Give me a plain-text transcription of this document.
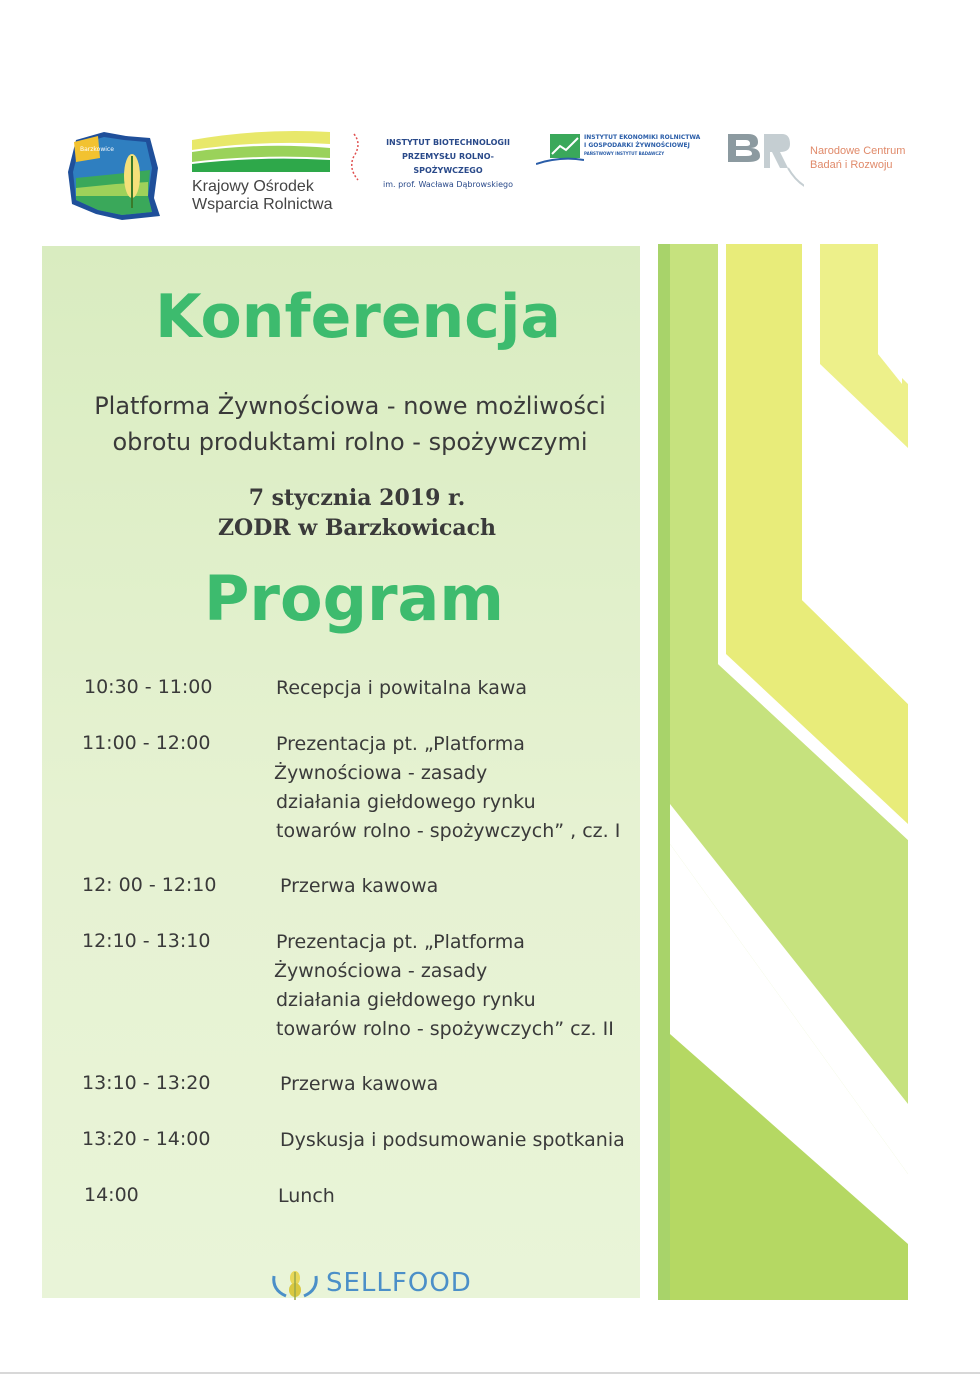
Barzkowice
Krajowy Ośrodek
Wsparcia Rolnictwa
INSTYTUT BIOTECHNOLOGII
PRZEMYSŁU ROLNO-SPOŻYWCZEGO
im. prof. Wacława Dąbrowskiego
INSTYTUT EKONOMIKI ROLNICTWA
I GOSPODARKI ŻYWNOŚCIOWEJ
PAŃSTWOWY INSTYTUT BADAWCZY	Narodowe Centrum
Badań i Rozwoju
Konferencja
Platforma Żywnościowa - nowe możliwości
obrotu produktami rolno - spożywczymi
7 stycznia 2019 r.
ZODR w Barzkowicach
Program
10:30 - 11:00	Recepcja i powitalna kawa
11:00 - 12:00	Prezentacja pt. „Platforma
Żywnościowa - zasady
działania giełdowego rynku
towarów rolno - spożywczych” , cz. I
12: 00 - 12:10	Przerwa kawowa
12:10 - 13:10	Prezentacja pt. „Platforma
Żywnościowa - zasady
działania giełdowego rynku
towarów rolno - spożywczych” cz. II
13:10 - 13:20	Przerwa kawowa
13:20 - 14:00	Dyskusja i podsumowanie spotkania
14:00	Lunch
SELLFOOD
